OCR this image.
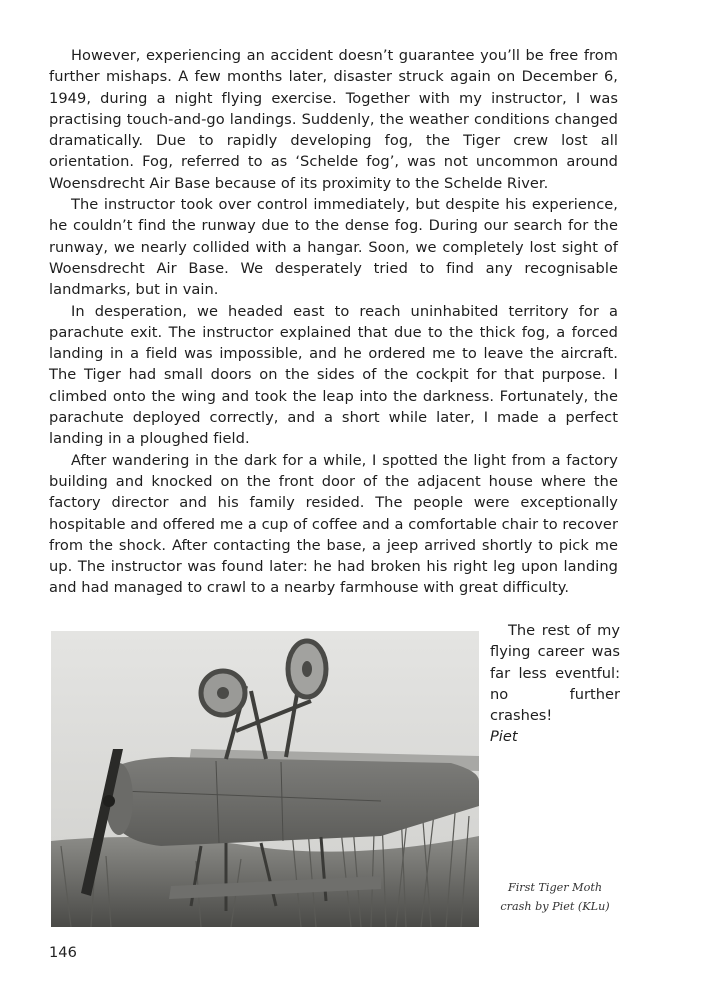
However, experiencing an accident doesn’t guarantee you’ll be free from further mishaps. A few months later, disaster struck again on December 6, 1949, during a night flying exercise. Together with my instructor, I was practising touch-and-go landings. Suddenly, the weather conditions changed dramatically. Due to rapidly developing fog, the Tiger crew lost all orientation. Fog, referred to as ‘Schelde fog’, was not uncommon around Woensdrecht Air Base because of its proximity to the Schelde River.

The instructor took over control immediately, but despite his experience, he couldn’t find the runway due to the dense fog. During our search for the runway, we nearly collided with a hangar. Soon, we completely lost sight of Woensdrecht Air Base. We desperately tried to find any recognisable landmarks, but in vain.

In desperation, we headed east to reach uninhabited territory for a parachute exit. The instructor explained that due to the thick fog, a forced landing in a field was impossible, and he ordered me to leave the aircraft. The Tiger had small doors on the sides of the cockpit for that purpose. I climbed onto the wing and took the leap into the darkness. Fortunately, the parachute deployed correctly, and a short while later, I made a perfect landing in a ploughed field.

After wandering in the dark for a while, I spotted the light from a factory building and knocked on the front door of the adjacent house where the factory director and his family resided. The people were exceptionally hospitable and offered me a cup of coffee and a comfortable chair to recover from the shock. After contacting the base, a jeep arrived shortly to pick me up. The instructor was found later: he had broken his right leg upon landing and had managed to crawl to a nearby farmhouse with great difficulty.

The rest of my flying career was far less eventful: no further crashes!

Piet
First Tiger Moth
crash by Piet (KLu)
146
